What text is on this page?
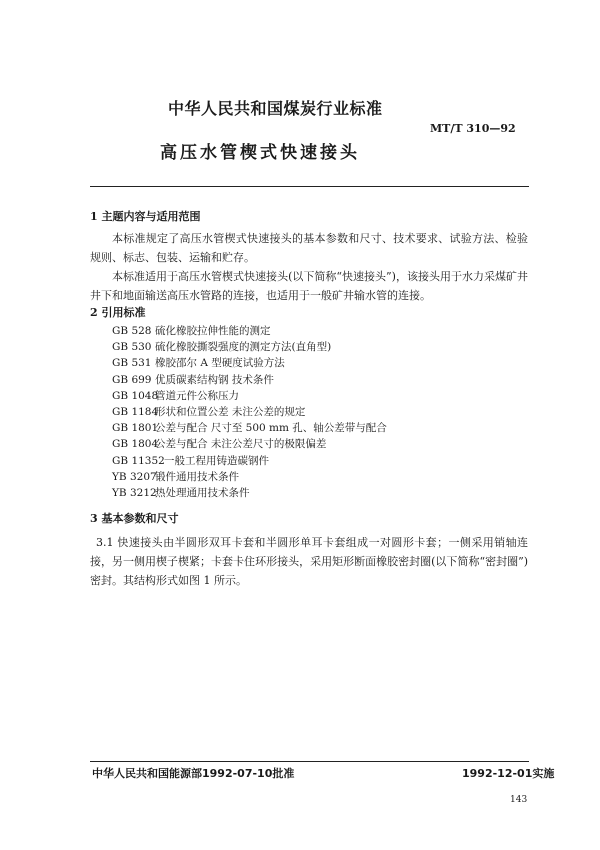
中华人民共和国煤炭行业标准
MT/T 310—92
高压水管楔式快速接头
1 主题内容与适用范围

本标准规定了高压水管楔式快速接头的基本参数和尺寸、技术要求、试验方法、检验规则、标志、包装、运输和贮存。

本标准适用于高压水管楔式快速接头(以下简称“快速接头”)，该接头用于水力采煤矿井井下和地面输送高压水管路的连接，也适用于一般矿井输水管的连接。

2 引用标准
GB 528 硫化橡胶拉伸性能的测定
GB 530 硫化橡胶撕裂强度的测定方法(直角型)
GB 531 橡胶邵尔 A 型硬度试验方法
GB 699 优质碳素结构钢 技术条件
GB 1048管道元件公称压力
GB 1184形状和位置公差 未注公差的规定
GB 1801公差与配合 尺寸至 500 mm 孔、轴公差带与配合
GB 1804公差与配合 未注公差尺寸的极限偏差
GB 11352一般工程用铸造碳钢件
YB 3207锻件通用技术条件
YB 3212热处理通用技术条件
3 基本参数和尺寸

3.1 快速接头由半圆形双耳卡套和半圆形单耳卡套组成一对圆形卡套；一侧采用销轴连接，另一侧用楔子楔紧；卡套卡住环形接头，采用矩形断面橡胶密封圈(以下简称“密封圈”)密封。其结构形式如图 1 所示。

中华人民共和国能源部1992-07-10批准	1992-12-01实施
143
